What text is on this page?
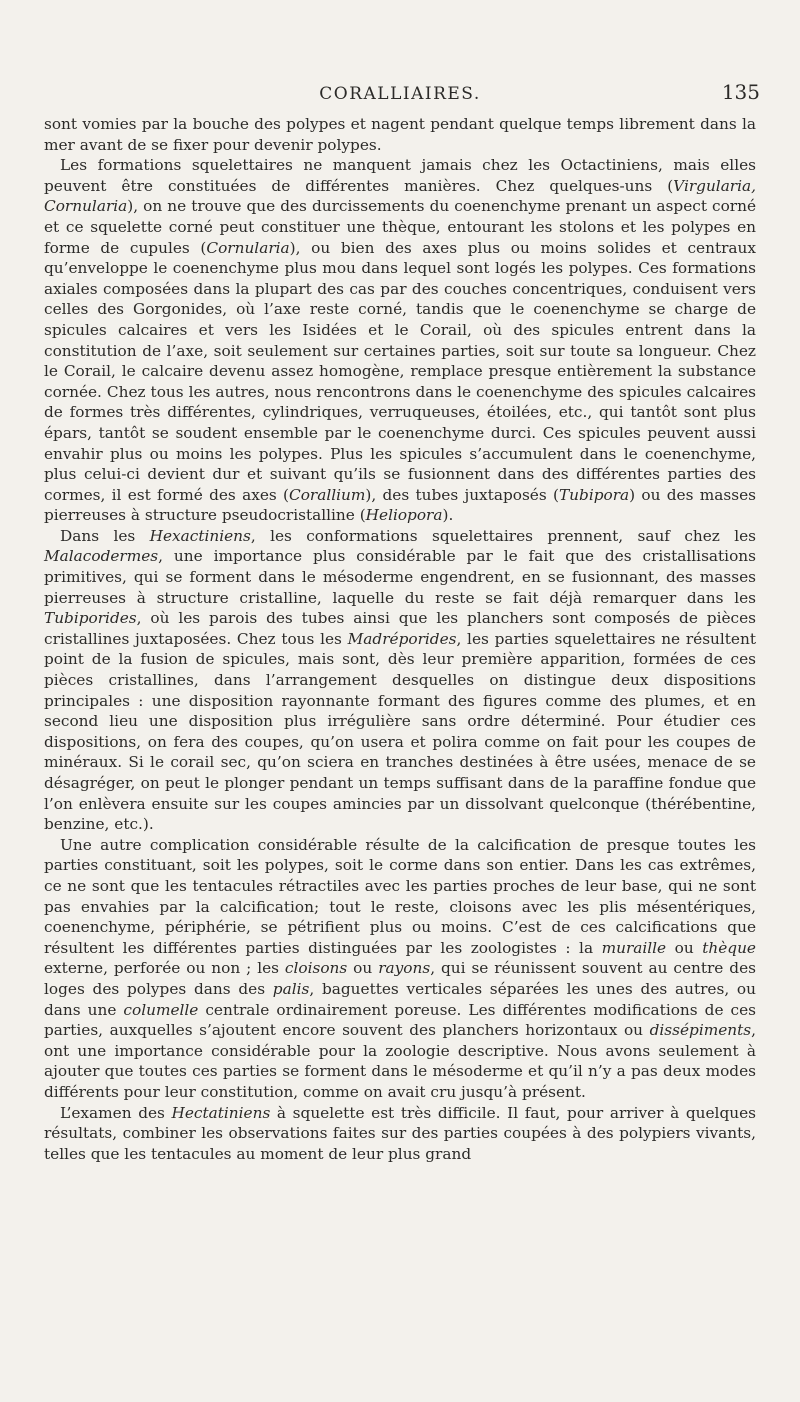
CORALLIAIRES.	135

sont vomies par la bouche des polypes et nagent pendant quelque temps librement dans la mer avant de se fixer pour devenir polypes.

Les formations squelettaires ne manquent jamais chez les Octactiniens, mais elles peuvent être constituées de différentes manières. Chez quelques-uns (Virgularia, Cornularia), on ne trouve que des durcissements du coenenchyme prenant un aspect corné et ce squelette corné peut constituer une thèque, entourant les stolons et les polypes en forme de cupules (Cornularia), ou bien des axes plus ou moins solides et centraux qu’enveloppe le coenenchyme plus mou dans lequel sont logés les polypes. Ces formations axiales composées dans la plupart des cas par des couches concentriques, conduisent vers celles des Gorgonides, où l’axe reste corné, tandis que le coenenchyme se charge de spicules calcaires et vers les Isidées et le Corail, où des spicules entrent dans la constitution de l’axe, soit seulement sur certaines parties, soit sur toute sa longueur. Chez le Corail, le calcaire devenu assez homogène, remplace presque entièrement la substance cornée. Chez tous les autres, nous rencontrons dans le coenenchyme des spicules calcaires de formes très différentes, cylindriques, verruqueuses, étoilées, etc., qui tantôt sont plus épars, tantôt se soudent ensemble par le coenenchyme durci. Ces spicules peuvent aussi envahir plus ou moins les polypes. Plus les spicules s’accumulent dans le coenenchyme, plus celui-ci devient dur et suivant qu’ils se fusionnent dans des différentes parties des cormes, il est formé des axes (Corallium), des tubes juxtaposés (Tubipora) ou des masses pierreuses à structure pseudocristalline (Heliopora).

Dans les Hexactiniens, les conformations squelettaires prennent, sauf chez les Malacodermes, une importance plus considérable par le fait que des cristallisations primitives, qui se forment dans le mésoderme engendrent, en se fusionnant, des masses pierreuses à structure cristalline, laquelle du reste se fait déjà remarquer dans les Tubiporides, où les parois des tubes ainsi que les planchers sont composés de pièces cristallines juxtaposées. Chez tous les Madréporides, les parties squelettaires ne résultent point de la fusion de spicules, mais sont, dès leur première apparition, formées de ces pièces cristallines, dans l’arrangement desquelles on distingue deux dispositions principales : une disposition rayonnante formant des figures comme des plumes, et en second lieu une disposition plus irrégulière sans ordre déterminé. Pour étudier ces dispositions, on fera des coupes, qu’on usera et polira comme on fait pour les coupes de minéraux. Si le corail sec, qu’on sciera en tranches destinées à être usées, menace de se désagréger, on peut le plonger pendant un temps suffisant dans de la paraffine fondue que l’on enlèvera ensuite sur les coupes amincies par un dissolvant quelconque (thérébentine, benzine, etc.).

Une autre complication considérable résulte de la calcification de presque toutes les parties constituant, soit les polypes, soit le corme dans son entier. Dans les cas extrêmes, ce ne sont que les tentacules rétractiles avec les parties proches de leur base, qui ne sont pas envahies par la calcification; tout le reste, cloisons avec les plis mésentériques, coenenchyme, périphérie, se pétrifient plus ou moins. C’est de ces calcifications que résultent les différentes parties distinguées par les zoologistes : la muraille ou thèque externe, perforée ou non ; les cloisons ou rayons, qui se réunissent souvent au centre des loges des polypes dans des palis, baguettes verticales séparées les unes des autres, ou dans une columelle centrale ordinairement poreuse. Les différentes modifications de ces parties, auxquelles s’ajoutent encore souvent des planchers horizontaux ou dissépiments, ont une importance considérable pour la zoologie descriptive. Nous avons seulement à ajouter que toutes ces parties se forment dans le mésoderme et qu’il n’y a pas deux modes différents pour leur constitution, comme on avait cru jusqu’à présent.

L’examen des Hectatiniens à squelette est très difficile. Il faut, pour arriver à quelques résultats, combiner les observations faites sur des parties coupées à des polypiers vivants, telles que les tentacules au moment de leur plus grand
